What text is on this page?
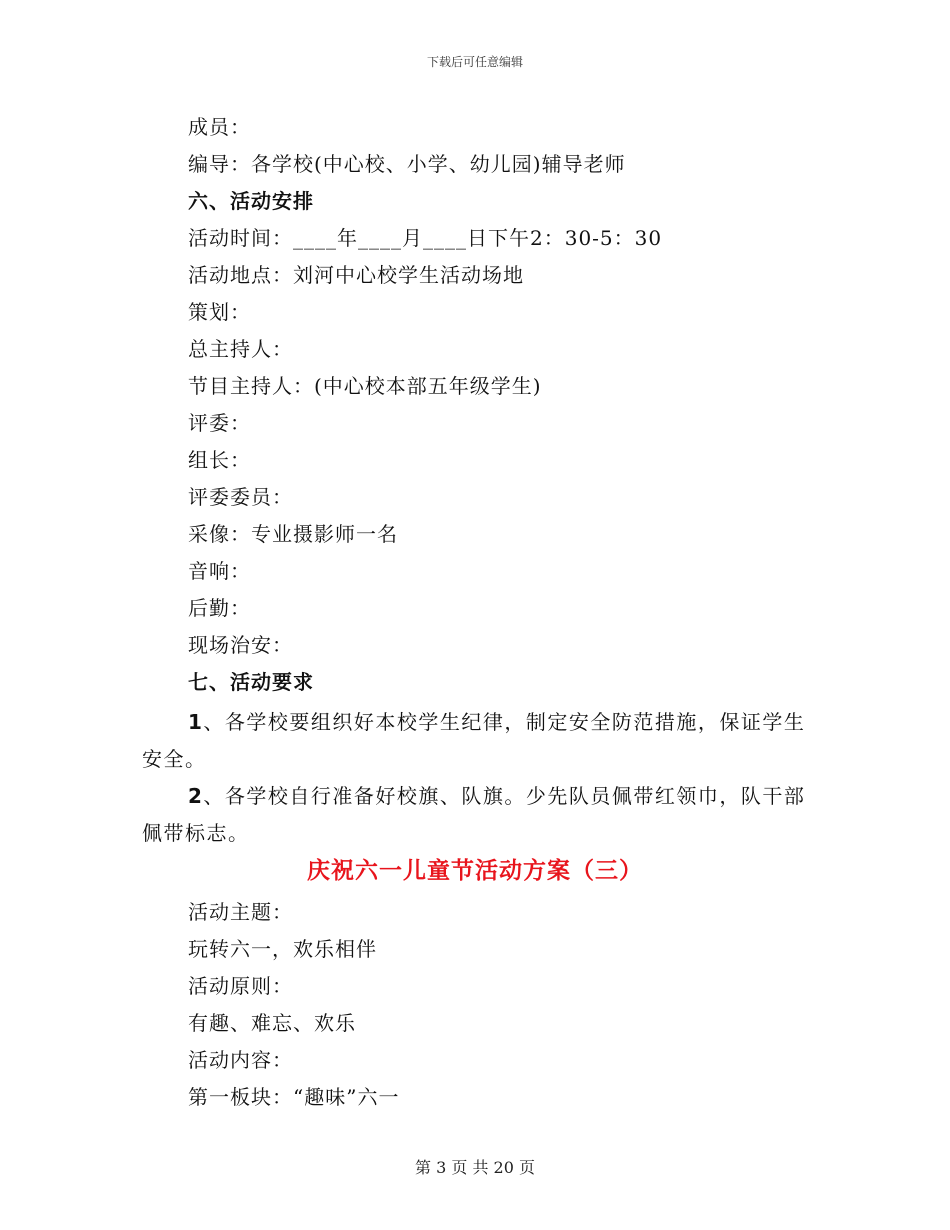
下载后可任意编辑
成员：
编导：各学校(中心校、小学、幼儿园)辅导老师
六、活动安排
活动时间：____年____月____日下午2：30-5：30
活动地点：刘河中心校学生活动场地
策划：
总主持人：
节目主持人：(中心校本部五年级学生)
评委：
组长：
评委委员：
采像：专业摄影师一名
音响：
后勤：
现场治安：
七、活动要求
1、各学校要组织好本校学生纪律，制定安全防范措施，保证学生安全。
2、各学校自行准备好校旗、队旗。少先队员佩带红领巾，队干部佩带标志。
庆祝六一儿童节活动方案（三）
活动主题：
玩转六一，欢乐相伴
活动原则：
有趣、难忘、欢乐
活动内容：
第一板块：“趣味”六一
第 3 页 共 20 页
